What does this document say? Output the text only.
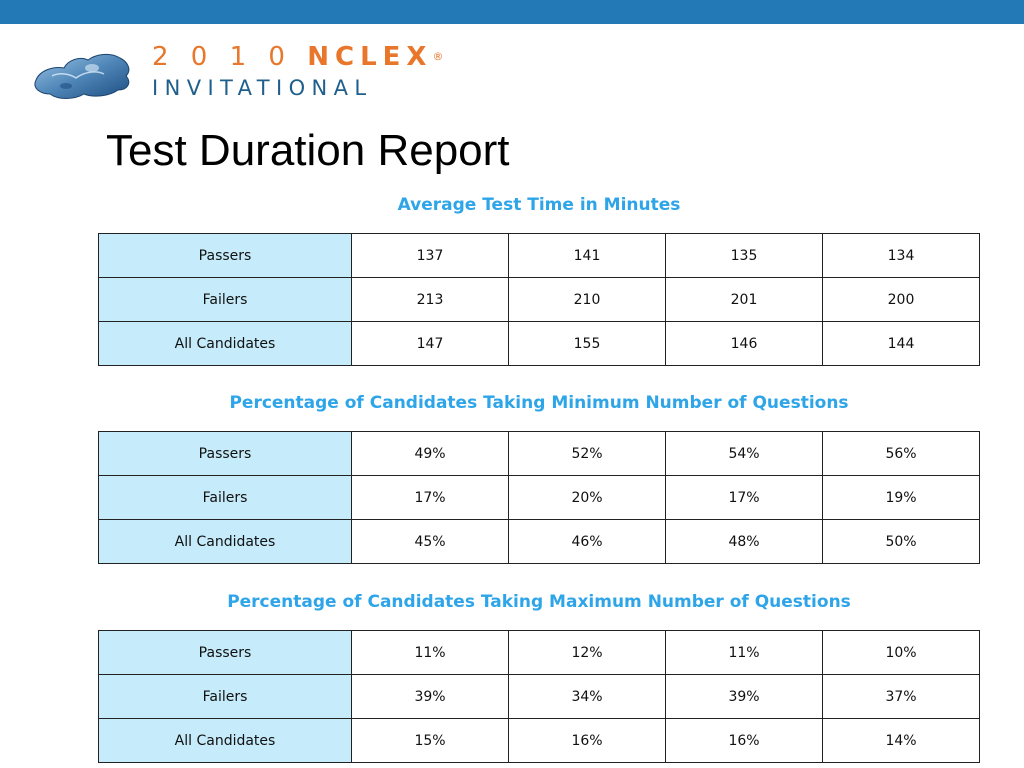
2 0 1 0 NCLEX®
INVITATIONAL
Test Duration Report
Average Test Time in Minutes
Passers	137	141	135	134
Failers	213	210	201	200
All Candidates	147	155	146	144
Percentage of Candidates Taking Minimum Number of Questions
Passers	49%	52%	54%	56%
Failers	17%	20%	17%	19%
All Candidates	45%	46%	48%	50%
Percentage of Candidates Taking Maximum Number of Questions
Passers	11%	12%	11%	10%
Failers	39%	34%	39%	37%
All Candidates	15%	16%	16%	14%
